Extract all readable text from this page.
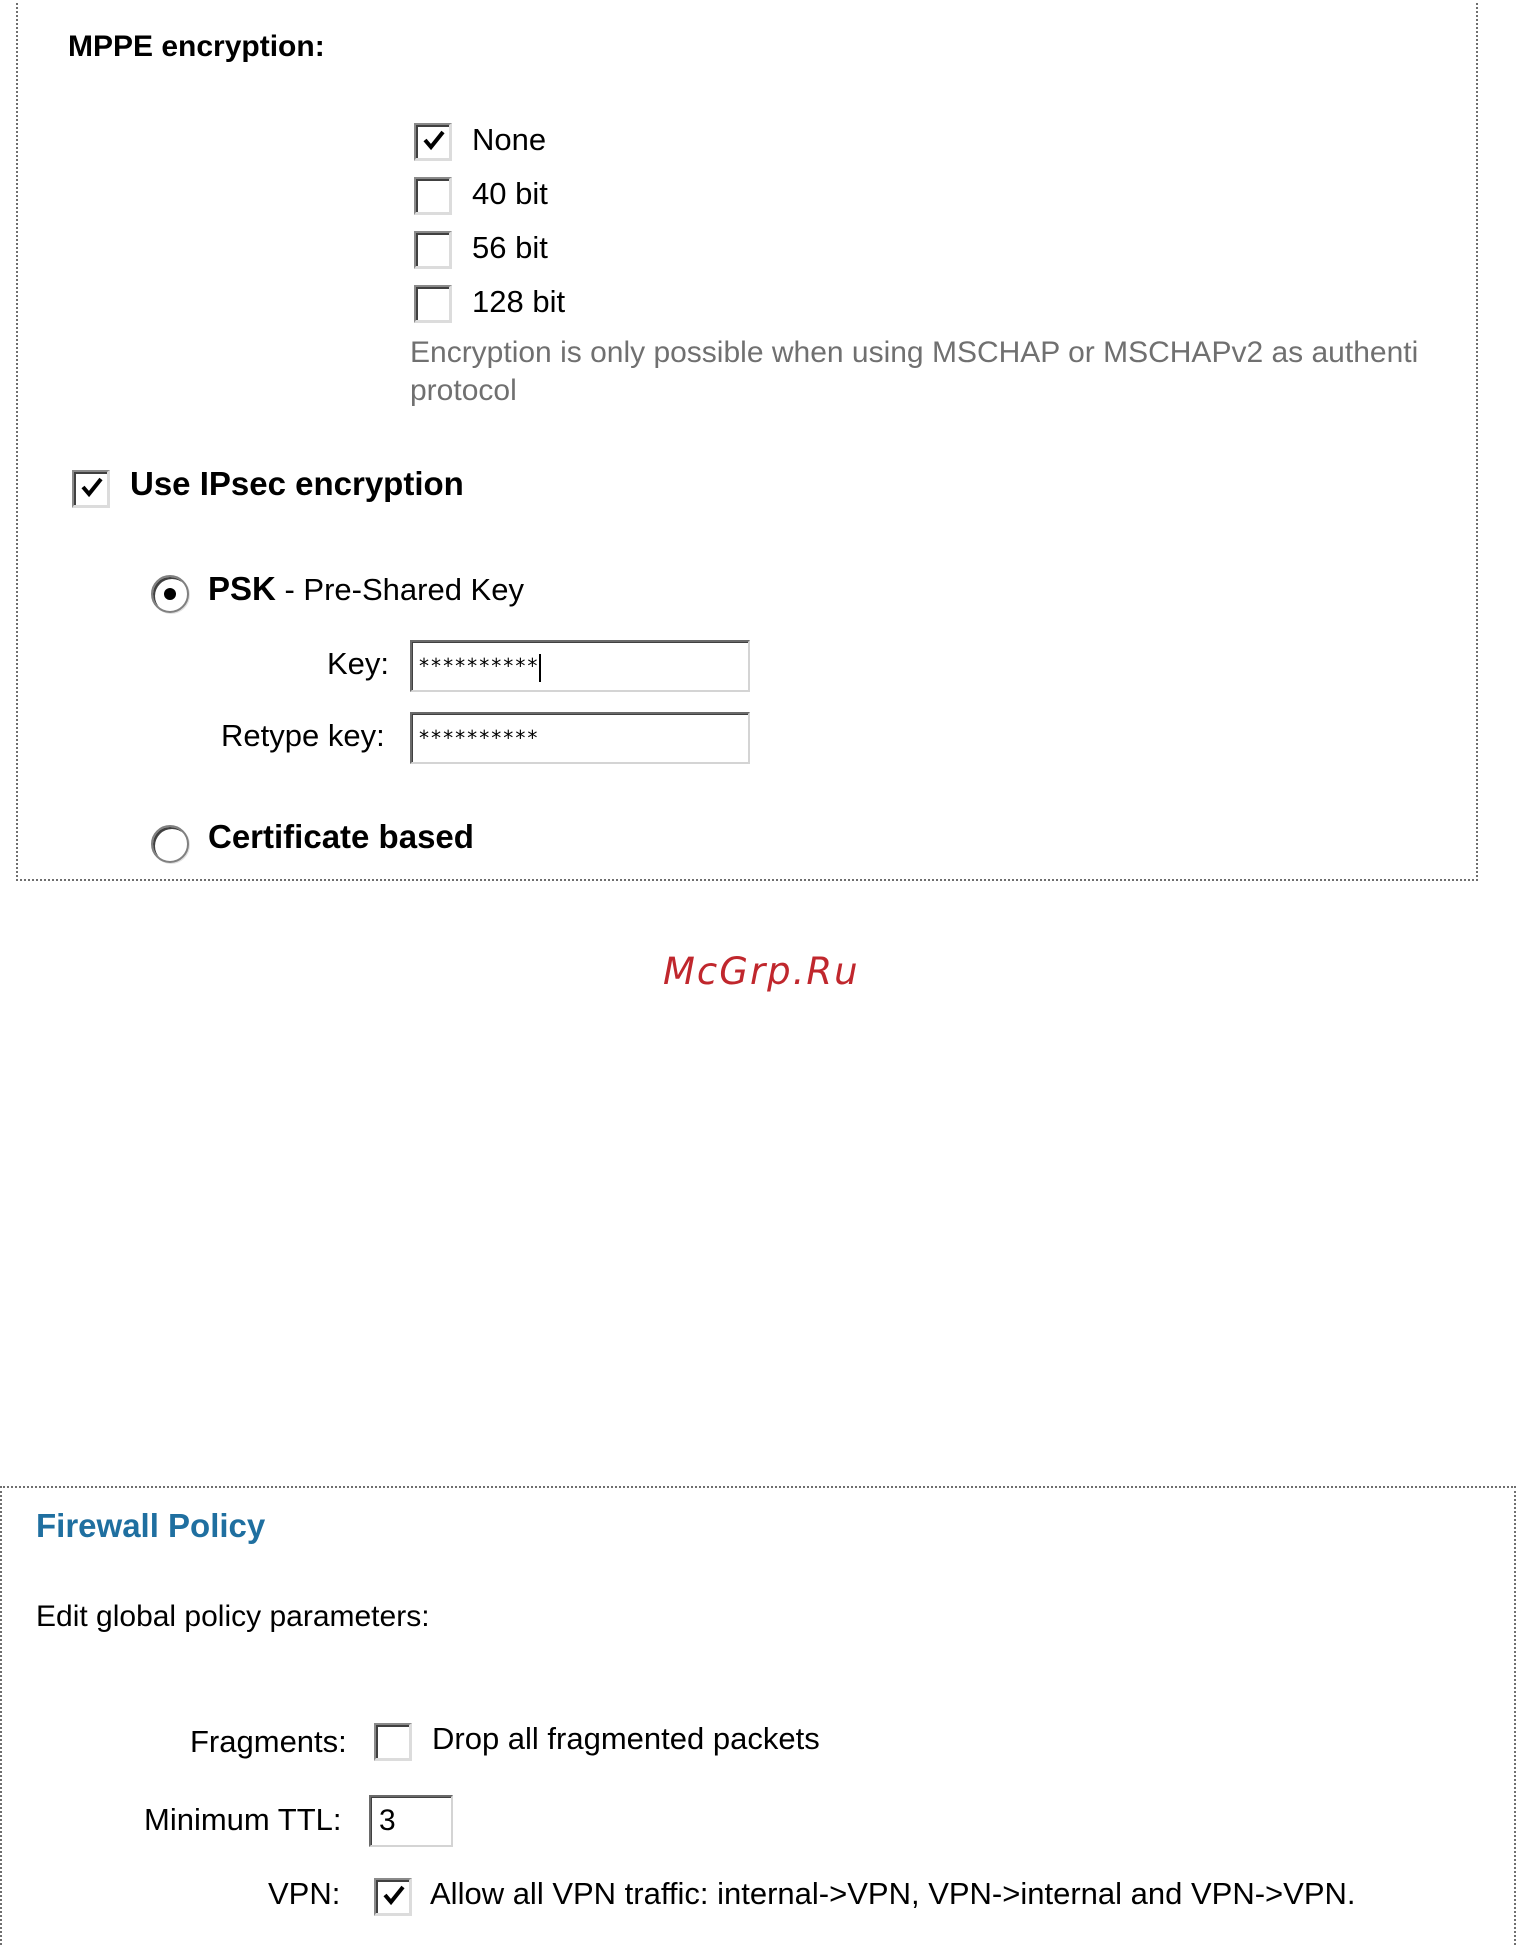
MPPE encryption:
None
40 bit
56 bit
128 bit
Encryption is only possible when using MSCHAP or MSCHAPv2 as authenti
protocol
Use IPsec encryption
PSK - Pre-Shared Key
Key:	**********
Retype key:	**********
Certificate based
McGrp.Ru
Firewall Policy
Edit global policy parameters:
Fragments:	Drop all fragmented packets
Minimum TTL:	3
VPN:	Allow all VPN traffic: internal->VPN, VPN->internal and VPN->VPN.
